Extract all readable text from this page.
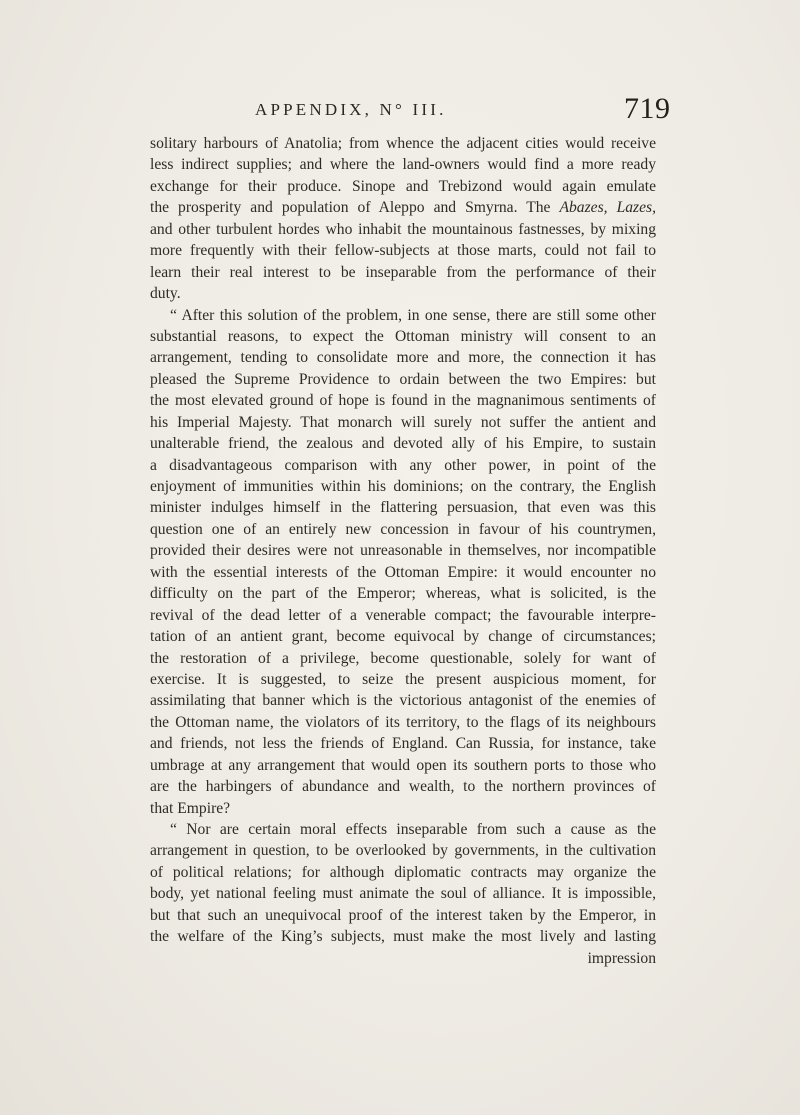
APPENDIX, N° III.	719
solitary harbours of Anatolia; from whence the adjacent cities would receive
less indirect supplies; and where the land-owners would find a more ready
exchange for their produce. Sinope and Trebizond would again emulate
the prosperity and population of Aleppo and Smyrna. The Abazes, Lazes,
and other turbulent hordes who inhabit the mountainous fastnesses, by mixing
more frequently with their fellow-subjects at those marts, could not fail to
learn their real interest to be inseparable from the performance of their
duty.
“ After this solution of the problem, in one sense, there are still some other
substantial reasons, to expect the Ottoman ministry will consent to an
arrangement, tending to consolidate more and more, the connection it has
pleased the Supreme Providence to ordain between the two Empires: but
the most elevated ground of hope is found in the magnanimous sentiments of
his Imperial Majesty. That monarch will surely not suffer the antient and
unalterable friend, the zealous and devoted ally of his Empire, to sustain
a disadvantageous comparison with any other power, in point of the
enjoyment of immunities within his dominions; on the contrary, the English
minister indulges himself in the flattering persuasion, that even was this
question one of an entirely new concession in favour of his countrymen,
provided their desires were not unreasonable in themselves, nor incompatible
with the essential interests of the Ottoman Empire: it would encounter no
difficulty on the part of the Emperor; whereas, what is solicited, is the
revival of the dead letter of a venerable compact; the favourable interpre-
tation of an antient grant, become equivocal by change of circumstances;
the restoration of a privilege, become questionable, solely for want of
exercise. It is suggested, to seize the present auspicious moment, for
assimilating that banner which is the victorious antagonist of the enemies of
the Ottoman name, the violators of its territory, to the flags of its neighbours
and friends, not less the friends of England. Can Russia, for instance, take
umbrage at any arrangement that would open its southern ports to those who
are the harbingers of abundance and wealth, to the northern provinces of
that Empire?
“ Nor are certain moral effects inseparable from such a cause as the
arrangement in question, to be overlooked by governments, in the cultivation
of political relations; for although diplomatic contracts may organize the
body, yet national feeling must animate the soul of alliance. It is impossible,
but that such an unequivocal proof of the interest taken by the Emperor, in
the welfare of the King’s subjects, must make the most lively and lasting
impression
